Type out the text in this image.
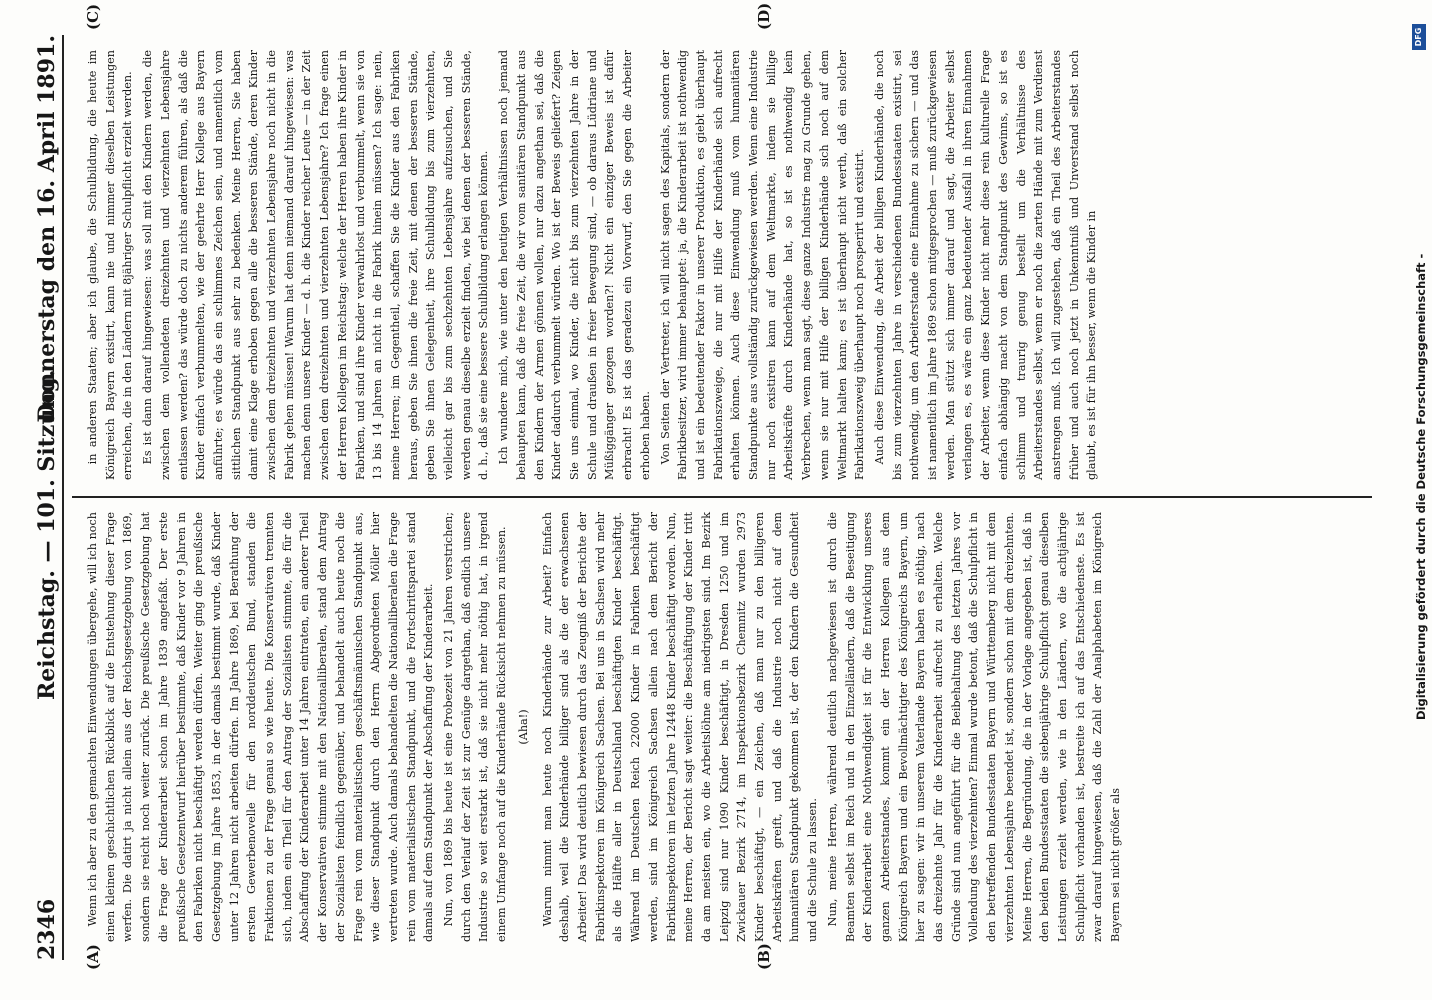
2346
Reichstag. — 101. Sitzung.
Donnerstag den 16. April 1891.
(A)	(B)
(C)	(D)

Wenn ich aber zu den gemachten Einwendungen übergehe, will ich noch einen kleinen geschichtlichen Rückblick auf die Entstehung dieser Frage werfen. Die datirt ja nicht allein aus der Reichsgesetzgebung von 1869, sondern sie reicht noch weiter zurück. Die preußische Gesetzgebung hat die Frage der Kinderarbeit schon im Jahre 1839 angefaßt. Der erste preußische Gesetzentwurf hierüber bestimmte, daß Kinder vor 9 Jahren in den Fabriken nicht beschäftigt werden dürfen. Weiter ging die preußische Gesetzgebung im Jahre 1853, in der damals bestimmt wurde, daß Kinder unter 12 Jahren nicht arbeiten dürfen. Im Jahre 1869, bei Berathung der ersten Gewerbenovelle für den norddeutschen Bund, standen die Fraktionen zu der Frage genau so wie heute. Die Konservativen trennten sich, indem ein Theil für den Antrag der Sozialisten stimmte, die für die Abschaffung der Kinderarbeit unter 14 Jahren eintraten, ein anderer Theil der Konservativen stimmte mit den Nationalliberalen, stand dem Antrag der Sozialisten feindlich gegenüber, und behandelt auch heute noch die Frage rein vom materialistischen geschäftsmännischen Standpunkt aus, wie dieser Standpunkt durch den Herrn Abgeordneten Möller hier vertreten wurde. Auch damals behandelten die Nationalliberalen die Frage rein vom materialistischen Standpunkt, und die Fortschrittspartei stand damals auf dem Standpunkt der Abschaffung der Kinderarbeit. Nun, von 1869 bis heute ist eine Probezeit von 21 Jahren verstrichen; durch den Verlauf der Zeit ist zur Genüge dargethan, daß endlich unsere Industrie so weit erstarkt ist, daß sie nicht mehr nöthig hat, in irgend einem Umfange noch auf die Kinderhände Rücksicht nehmen zu müssen. (Aha!) Warum nimmt man heute noch Kinderhände zur Arbeit? Einfach deshalb, weil die Kinderhände billiger sind als die der erwachsenen Arbeiter! Das wird deutlich bewiesen durch das Zeugniß der Berichte der Fabrikinspektoren im Königreich Sachsen. Bei uns in Sachsen wird mehr als die Hälfte aller in Deutschland beschäftigten Kinder beschäftigt. Während im Deutschen Reich 22000 Kinder in Fabriken beschäftigt werden, sind im Königreich Sachsen allein nach dem Bericht der Fabrikinspektoren im letzten Jahre 12448 Kinder beschäftigt worden. Nun, meine Herren, der Bericht sagt weiter: die Beschäftigung der Kinder tritt da am meisten ein, wo die Arbeitslöhne am niedrigsten sind. Im Bezirk Leipzig sind nur 1090 Kinder beschäftigt, in Dresden 1250 und im Zwickauer Bezirk 2714, im Inspektionsbezirk Chemnitz wurden 2973 Kinder beschäftigt, — ein Zeichen, daß man nur zu den billigeren Arbeitskräften greift, und daß die Industrie noch nicht auf dem humanitären Standpunkt gekommen ist, der den Kindern die Gesundheit und die Schule zu lassen. Nun, meine Herren, während deutlich nachgewiesen ist durch die Beamten selbst im Reich und in den Einzelländern, daß die Beseitigung der Kinderarbeit eine Nothwendigkeit ist für die Entwicklung unseres ganzen Arbeiterstandes, kommt ein der Herren Kollegen aus dem Königreich Bayern und ein Bevollmächtigter des Königreichs Bayern, um hier zu sagen: wir in unserem Vaterlande Bayern haben es nöthig, nach das dreizehnte Jahr für die Kinderarbeit aufrecht zu erhalten. Welche Gründe sind nun angeführt für die Beibehaltung des letzten Jahres vor Vollendung des vierzehnten? Einmal wurde betont, daß die Schulpflicht in den betreffenden Bundesstaaten Bayern und Württemberg nicht mit dem vierzehnten Lebensjahre beendet ist, sondern schon mit dem dreizehnten. Meine Herren, die Begründung, die in der Vorlage angegeben ist, daß in den beiden Bundesstaaten die siebenjährige Schulpflicht genau dieselben Leistungen erzielt werden, wie in den Ländern, wo die achtjährige Schulpflicht vorhanden ist, bestreite ich auf das Entschiedenste. Es ist zwar darauf hingewiesen, daß die Zahl der Analphabeten im Königreich Bayern sei nicht größer als

in anderen Staaten; aber ich glaube, die Schulbildung, die heute im Königreich Bayern existirt, kann nie und nimmer dieselben Leistungen erreichen, die in den Ländern mit 8jähriger Schulpflicht erzielt werden. Es ist dann darauf hingewiesen: was soll mit den Kindern werden, die zwischen dem vollendeten dreizehnten und vierzehnten Lebensjahre entlassen werden? das würde doch zu nichts anderem führen, als daß die Kinder einfach verbummelten, wie der geehrte Herr Kollege aus Bayern anführte; es würde das ein schlimmes Zeichen sein, und namentlich vom sittlichen Standpunkt aus sehr zu bedenken. Meine Herren, Sie haben damit eine Klage erhoben gegen alle die besseren Stände, deren Kinder zwischen dem dreizehnten und vierzehnten Lebensjahre noch nicht in die Fabrik gehen müssen! Warum hat denn niemand darauf hingewiesen: was machen denn unsere Kinder — d. h. die Kinder reicher Leute — in der Zeit zwischen dem dreizehnten und vierzehnten Lebensjahre? Ich frage einen der Herren Kollegen im Reichstag: welche der Herren haben ihre Kinder in Fabriken, und sind ihre Kinder verwahrlost und verbummelt, wenn sie von 13 bis 14 Jahren an nicht in die Fabrik hinein müssen? Ich sage: nein, meine Herren; im Gegentheil, schaffen Sie die Kinder aus den Fabriken heraus, geben Sie ihnen die freie Zeit, mit denen der besseren Stände, geben Sie ihnen Gelegenheit, ihre Schulbildung bis zum vierzehnten, vielleicht gar bis zum sechzehnten Lebensjahre aufzusuchen, und Sie werden genau dieselbe erzielt finden, wie bei denen der besseren Stände, d. h., daß sie eine bessere Schulbildung erlangen können. Ich wundere mich, wie unter den heutigen Verhältnissen noch jemand behaupten kann, daß die freie Zeit, die wir vom sanitären Standpunkt aus den Kindern der Armen gönnen wollen, nur dazu angethan sei, daß die Kinder dadurch verbummelt würden. Wo ist der Beweis geliefert? Zeigen Sie uns einmal, wo Kinder, die nicht bis zum vierzehnten Jahre in der Schule und draußen in freier Bewegung sind, — ob daraus Lüdriane und Müßiggänger gezogen worden?! Nicht ein einziger Beweis ist dafür erbracht! Es ist das geradezu ein Vorwurf, den Sie gegen die Arbeiter erhoben haben. Von Seiten der Vertreter, ich will nicht sagen des Kapitals, sondern der Fabrikbesitzer, wird immer behauptet: ja, die Kinderarbeit ist nothwendig und ist ein bedeutender Faktor in unserer Produktion, es giebt überhaupt Fabrikationszweige, die nur mit Hilfe der Kinderhände sich aufrecht erhalten können. Auch diese Einwendung muß vom humanitären Standpunkte aus vollständig zurückgewiesen werden. Wenn eine Industrie nur noch existiren kann auf dem Weltmarkte, indem sie billige Arbeitskräfte durch Kinderhände hat, so ist es nothwendig kein Verbrechen, wenn man sagt, diese ganze Industrie mag zu Grunde gehen, wenn sie nur mit Hilfe der billigen Kinderhände sich noch auf dem Weltmarkt halten kann; es ist überhaupt nicht werth, daß ein solcher Fabrikationszweig überhaupt noch prosperirt und existirt. Auch diese Einwendung, die Arbeit der billigen Kinderhände, die noch bis zum vierzehnten Jahre in verschiedenen Bundesstaaten existirt, sei nothwendig, um den Arbeiterstande eine Einnahme zu sichern — und das ist namentlich im Jahre 1869 schon mitgesprochen — muß zurückgewiesen werden. Man stützt sich immer darauf und sagt, die Arbeiter selbst verlangen es, es wäre ein ganz bedeutender Ausfall in ihren Einnahmen der Arbeiter, wenn diese Kinder nicht mehr diese rein kulturelle Frage einfach abhängig macht von dem Standpunkt des Gewinns, so ist es schlimm und traurig genug bestellt um die Verhältnisse des Arbeiterstandes selbst, wenn er noch die zarten Hände mit zum Verdienst anstrengen muß. Ich will zugestehen, daß ein Theil des Arbeiterstandes früher und auch noch jetzt in Unkenntniß und Unverstand selbst noch glaubt, es ist für ihn besser, wenn die Kinder in	Digitalisierung gefördert durch die Deutsche Forschungsgemeinschaft -
DFG
